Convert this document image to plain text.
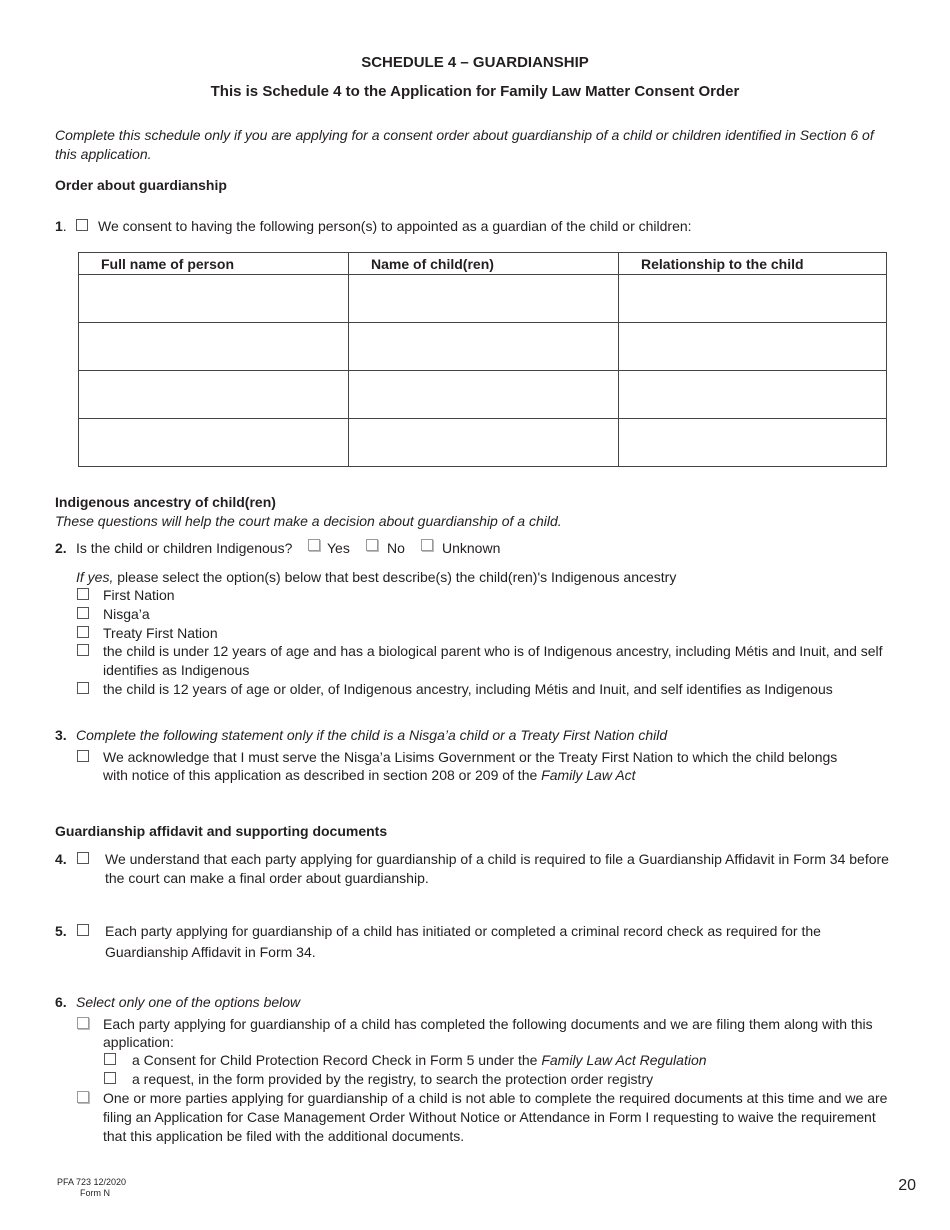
SCHEDULE 4 – GUARDIANSHIP
This is Schedule 4 to the Application for Family Law Matter Consent Order
Complete this schedule only if you are applying for a consent order about guardianship of a child or children identified in Section 6 of
this application.
Order about guardianship
1. We consent to having the following person(s) to appointed as a guardian of the child or children:
Full name of person	Name of child(ren)	Relationship to the child

Indigenous ancestry of child(ren)
These questions will help the court make a decision about guardianship of a child.
2. Is the child or children Indigenous? Yes	No	Unknown
If yes, please select the option(s) below that best describe(s) the child(ren)'s Indigenous ancestry
First Nation
Nisga’a
Treaty First Nation
the child is under 12 years of age and has a biological parent who is of Indigenous ancestry, including Métis and Inuit, and self
identifies as Indigenous
the child is 12 years of age or older, of Indigenous ancestry, including Métis and Inuit, and self identifies as Indigenous
3. Complete the following statement only if the child is a Nisga’a child or a Treaty First Nation child
We acknowledge that I must serve the Nisga’a Lisims Government or the Treaty First Nation to which the child belongs
with notice of this application as described in section 208 or 209 of the Family Law Act
Guardianship affidavit and supporting documents
4.	We understand that each party applying for guardianship of a child is required to file a Guardianship Affidavit in Form 34 before
the court can make a final order about guardianship.
5.	Each party applying for guardianship of a child has initiated or completed a criminal record check as required for the
Guardianship Affidavit in Form 34.
6. Select only one of the options below
Each party applying for guardianship of a child has completed the following documents and we are filing them along with this
application:
a Consent for Child Protection Record Check in Form 5 under the Family Law Act Regulation
a request, in the form provided by the registry, to search the protection order registry
One or more parties applying for guardianship of a child is not able to complete the required documents at this time and we are
filing an Application for Case Management Order Without Notice or Attendance in Form I requesting to waive the requirement
that this application be filed with the additional documents.
PFA 723 12/2020
Form N	20
